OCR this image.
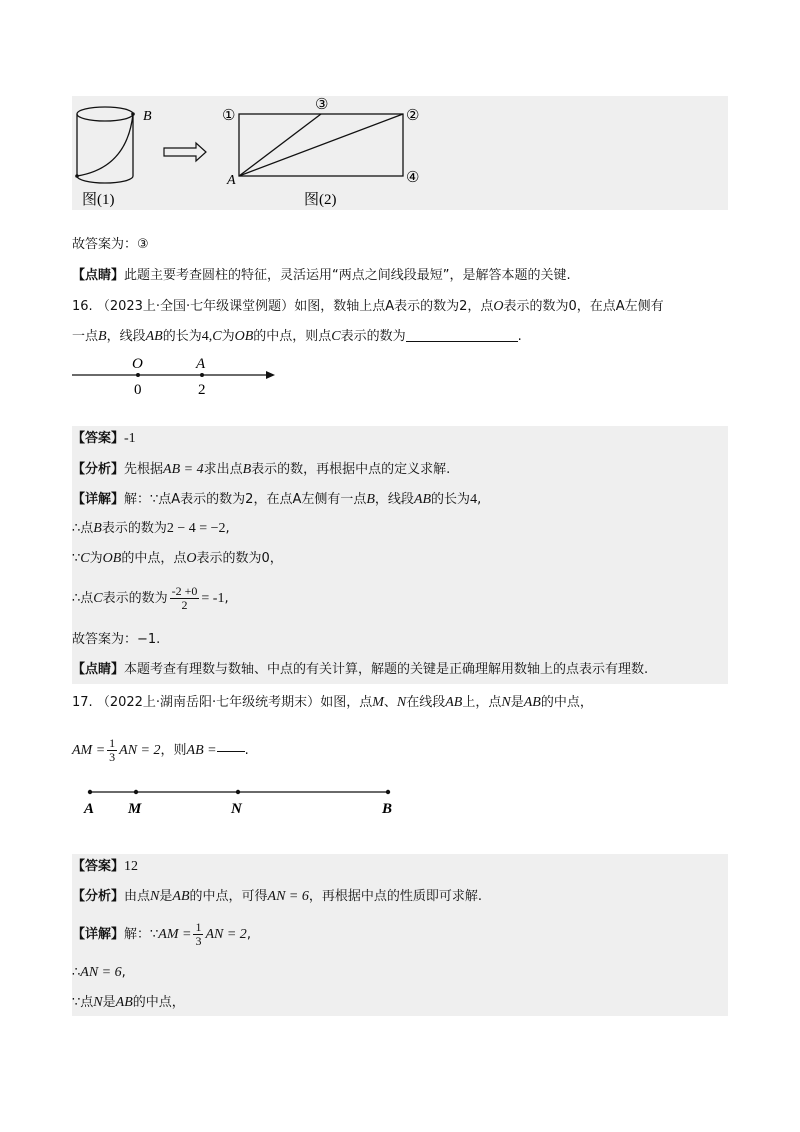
B	①
③
②
④
A
图(1)	图(2)
故答案为：③
【点睛】此题主要考查圆柱的特征，灵活运用“两点之间线段最短”，是解答本题的关键.
16. （2023上·全国·七年级课堂例题）如图，数轴上点A表示的数为2，点O表示的数为0，在点A左侧有
一点B，线段AB的长为4,C为OB的中点，则点C表示的数为	.
O	A
0	2
【答案】-1
【分析】先根据AB = 4求出点B表示的数，再根据中点的定义求解.
【详解】解：∵点A表示的数为2，在点A左侧有一点B，线段AB的长为4,
∴点B表示的数为2 − 4 = −2,
∵C为OB的中点，点O表示的数为0，
∴点C表示的数为 $\frac{-2 +0}{2} = -1$,
故答案为：−1.
【点睛】本题考查有理数与数轴、中点的有关计算，解题的关键是正确理解用数轴上的点表示有理数.
17. （2022上·湖南岳阳·七年级统考期末）如图，点M、N在线段AB上，点N是AB的中点，
AM = $\frac{1}{3}$ AN = 2，则AB = .
A M	N	B
【答案】12
【分析】由点N是AB的中点，可得AN = 6，再根据中点的性质即可求解.
【详解】解：∵AM = $\frac{1}{3}$ AN = 2,
∴AN = 6,
∵点N是AB的中点，
